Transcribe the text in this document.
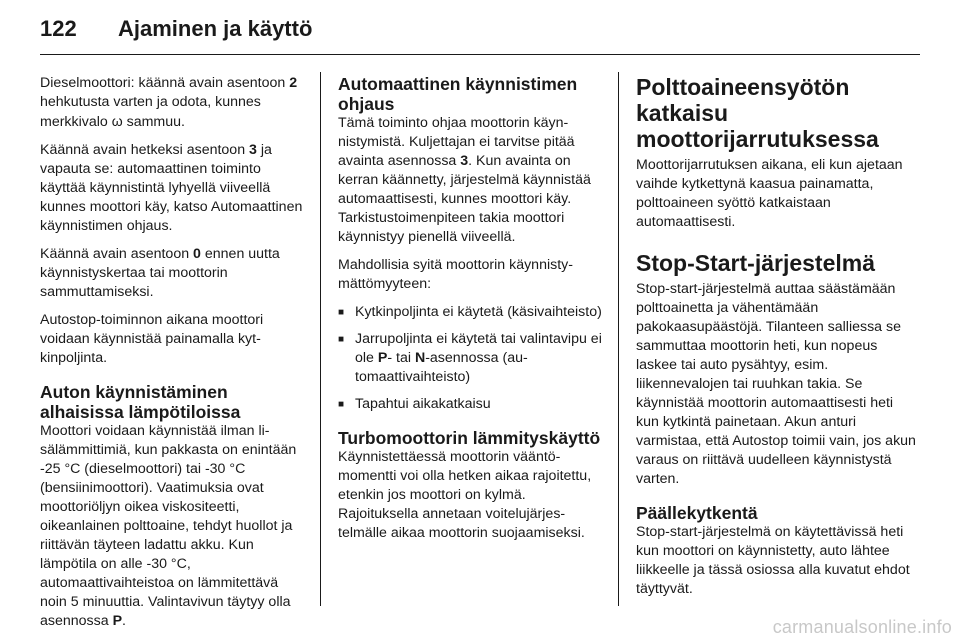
122 Ajaminen ja käyttö

Dieselmoottori: käännä avain asentoon 2 hehkutusta varten ja odota, kunnes merkkivalo ω sammuu.

Käännä avain hetkeksi asentoon 3 ja vapauta se: automaattinen toiminto käyttää käynnistintä lyhyellä viiveellä kunnes moottori käy, katso Automaattinen käynnistimen ohjaus.

Käännä avain asentoon 0 ennen uutta käynnistyskertaa tai moottorin sammuttamiseksi.

Autostop-toiminnon aikana moottori voidaan käynnistää painamalla kytkinpoljinta.

Auton käynnistäminen alhaisissa lämpötiloissa

Moottori voidaan käynnistää ilman lisälämmittimiä, kun pakkasta on enintään -25 °C (dieselmoottori) tai -30 °C (bensiinimoottori). Vaatimuksia ovat moottoriöljyn oikea viskositeetti, oikeanlainen polttoaine, tehdyt huollot ja riittävän täyteen ladattu akku. Kun lämpötila on alle -30 °C, automaattivaihteistoa on lämmitettävä noin 5 minuuttia. Valintavivun täytyy olla asennossa P.

Automaattinen käynnistimen ohjaus

Tämä toiminto ohjaa moottorin käynnistymistä. Kuljettajan ei tarvitse pitää avainta asennossa 3. Kun avainta on kerran käännetty, järjestelmä käynnistää automaattisesti, kunnes moottori käy. Tarkistustoimenpiteen takia moottori käynnistyy pienellä viiveellä.

Mahdollisia syitä moottorin käynnistymättömyyteen:

■ Kytkinpoljinta ei käytetä (käsivaihteisto)
■ Jarrupoljinta ei käytetä tai valintavipu ei ole P- tai N-asennossa (automaattivaihteisto)
■ Tapahtui aikakatkaisu
Turbomoottorin lämmityskäyttö

Käynnistettäessä moottorin vääntömomentti voi olla hetken aikaa rajoitettu, etenkin jos moottori on kylmä. Rajoituksella annetaan voitelujärjestelmälle aikaa moottorin suojaamiseksi.

Polttoaineensyötön katkaisu moottorijarrutuksessa

Moottorijarrutuksen aikana, eli kun ajetaan vaihde kytkettynä kaasua painamatta, polttoaineen syöttö katkaistaan automaattisesti.

Stop-Start-järjestelmä

Stop-start-järjestelmä auttaa säästämään polttoainetta ja vähentämään pakokaasupäästöjä. Tilanteen salliessa se sammuttaa moottorin heti, kun nopeus laskee tai auto pysähtyy, esim. liikennevalojen tai ruuhkan takia. Se käynnistää moottorin automaattisesti heti kun kytkintä painetaan. Akun anturi varmistaa, että Autostop toimii vain, jos akun varaus on riittävä uudelleen käynnistystä varten.

Päällekytkentä

Stop-start-järjestelmä on käytettävissä heti kun moottori on käynnistetty, auto lähtee liikkeelle ja tässä osiossa alla kuvatut ehdot täyttyvät.

carmanualsonline.info
